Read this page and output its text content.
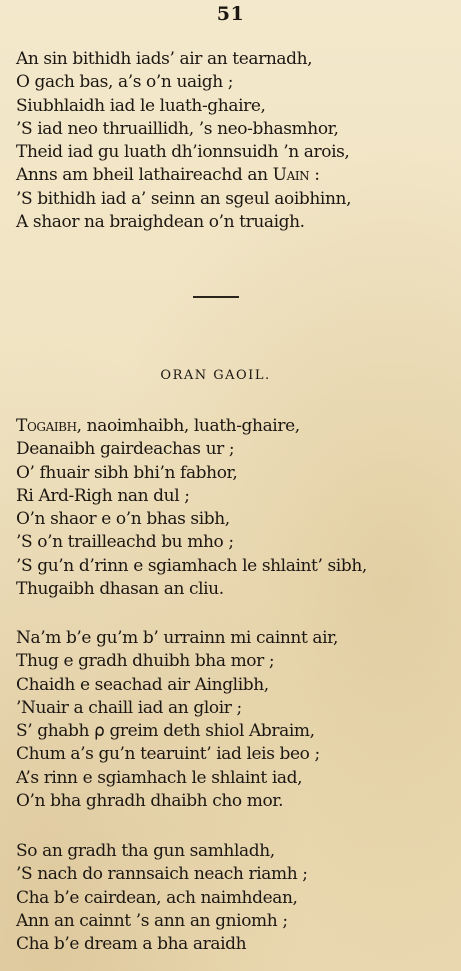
51
An sin bithidh iads’ air an tearnadh,
O gach bas, a’s o’n uaigh ;
Siubhlaidh iad le luath-ghaire,
’S iad neo thruaillidh, ’s neo-bhasmhor,
Theid iad gu luath dh’ionnsuidh ’n arois,
Anns am bheil lathaireachd an Uain :
’S bithidh iad a’ seinn an sgeul aoibhinn,
A shaor na braighdean o’n truaigh.
ORAN GAOIL.
Togaibh, naoimhaibh, luath-ghaire,
Deanaibh gairdeachas ur ;
O’ fhuair sibh bhi’n fabhor,
Ri Ard-Righ nan dul ;
O’n shaor e o’n bhas sibh,
’S o’n trailleachd bu mho ;
’S gu’n d’rinn e sgiamhach le shlaint’ sibh,
Thugaibh dhasan an cliu.
Na’m b’e gu’m b’ urrainn mi cainnt air,
Thug e gradh dhuibh bha mor ;
Chaidh e seachad air Ainglibh,
’Nuair a chaill iad an gloir ;
S’ ghabh ⍴ greim deth shiol Abraim,
Chum a’s gu’n tearuint’ iad leis beo ;
A’s rinn e sgiamhach le shlaint iad,
O’n bha ghradh dhaibh cho mor.
So an gradh tha gun samhladh,
’S nach do rannsaich neach riamh ;
Cha b’e cairdean, ach naimhdean,
Ann an cainnt ’s ann an gniomh ;
Cha b’e dream a bha araidh
